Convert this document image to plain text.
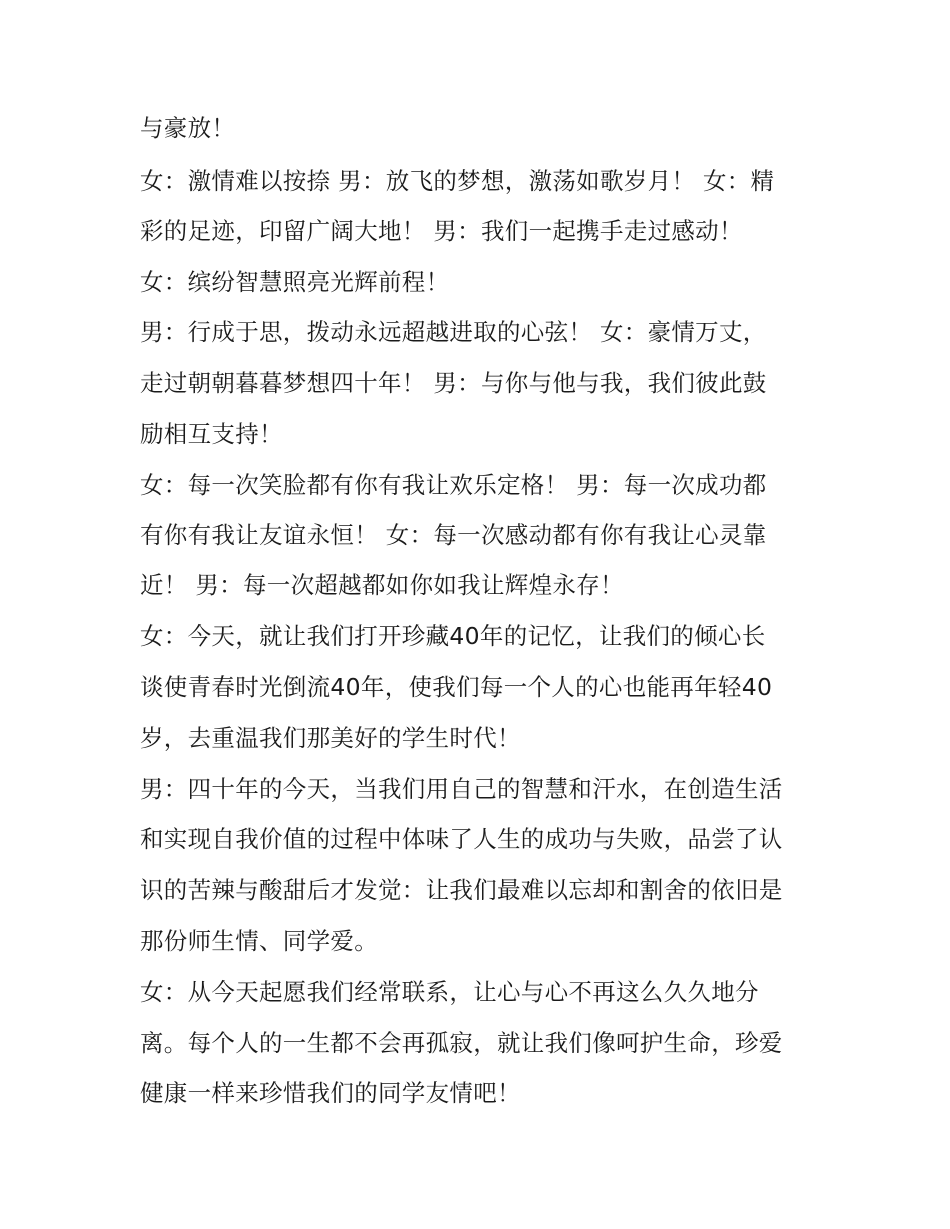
与豪放！
女：激情难以按捺 男：放飞的梦想，激荡如歌岁月！ 女：精
彩的足迹，印留广阔大地！ 男：我们一起携手走过感动！
女：缤纷智慧照亮光辉前程！
男：行成于思，拨动永远超越进取的心弦！ 女：豪情万丈，
走过朝朝暮暮梦想四十年！ 男：与你与他与我，我们彼此鼓
励相互支持！
女：每一次笑脸都有你有我让欢乐定格！ 男：每一次成功都
有你有我让友谊永恒！ 女：每一次感动都有你有我让心灵靠
近！ 男：每一次超越都如你如我让辉煌永存！
女：今天，就让我们打开珍藏40年的记忆，让我们的倾心长
谈使青春时光倒流40年，使我们每一个人的心也能再年轻40
岁，去重温我们那美好的学生时代！
男：四十年的今天，当我们用自己的智慧和汗水，在创造生活
和实现自我价值的过程中体味了人生的成功与失败，品尝了认
识的苦辣与酸甜后才发觉：让我们最难以忘却和割舍的依旧是
那份师生情、同学爱。
女：从今天起愿我们经常联系，让心与心不再这么久久地分
离。每个人的一生都不会再孤寂，就让我们像呵护生命，珍爱
健康一样来珍惜我们的同学友情吧！
